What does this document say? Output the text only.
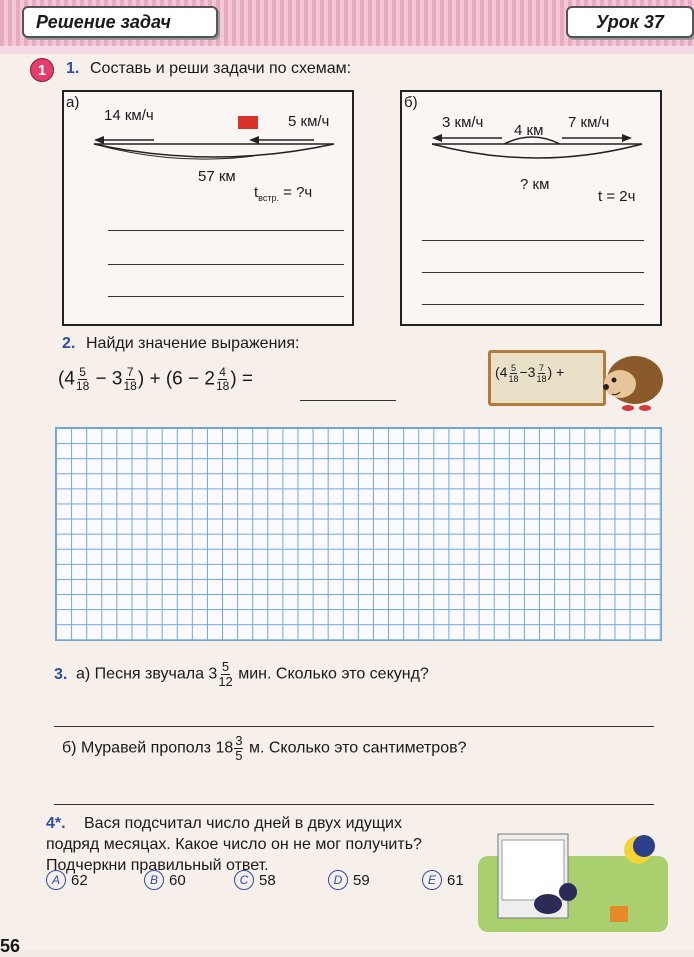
Решение задач	Урок 37
1	1. Составь и реши задачи по схемам:
а)
14 км/ч	5 км/ч
57 км
$t_{встр.}$ = ?ч
б)
3 км/ч 4 км 7 км/ч
? км
t = 2ч
2. Найди значение выражения:
($4 \frac{5}{18} - 3 \frac{7}{18}$ ) + ($6 - 2 \frac{4}{18}$ ) =	($4 \frac{5}{18} -3 \frac{7}{18}$ ) +
3. а) Песня звучала $3 \frac{5}{12}$ мин. Сколько это секунд?
б) Муравей прополз $18 \frac{3}{5} м$. Сколько это сантиметров?
4*. Вася подсчитал число дней в двух идущих
подряд месяцах. Какое число он не мог получить?
Подчеркни правильный ответ.
A 62	B 60	C 58	D 59	E 61
56
